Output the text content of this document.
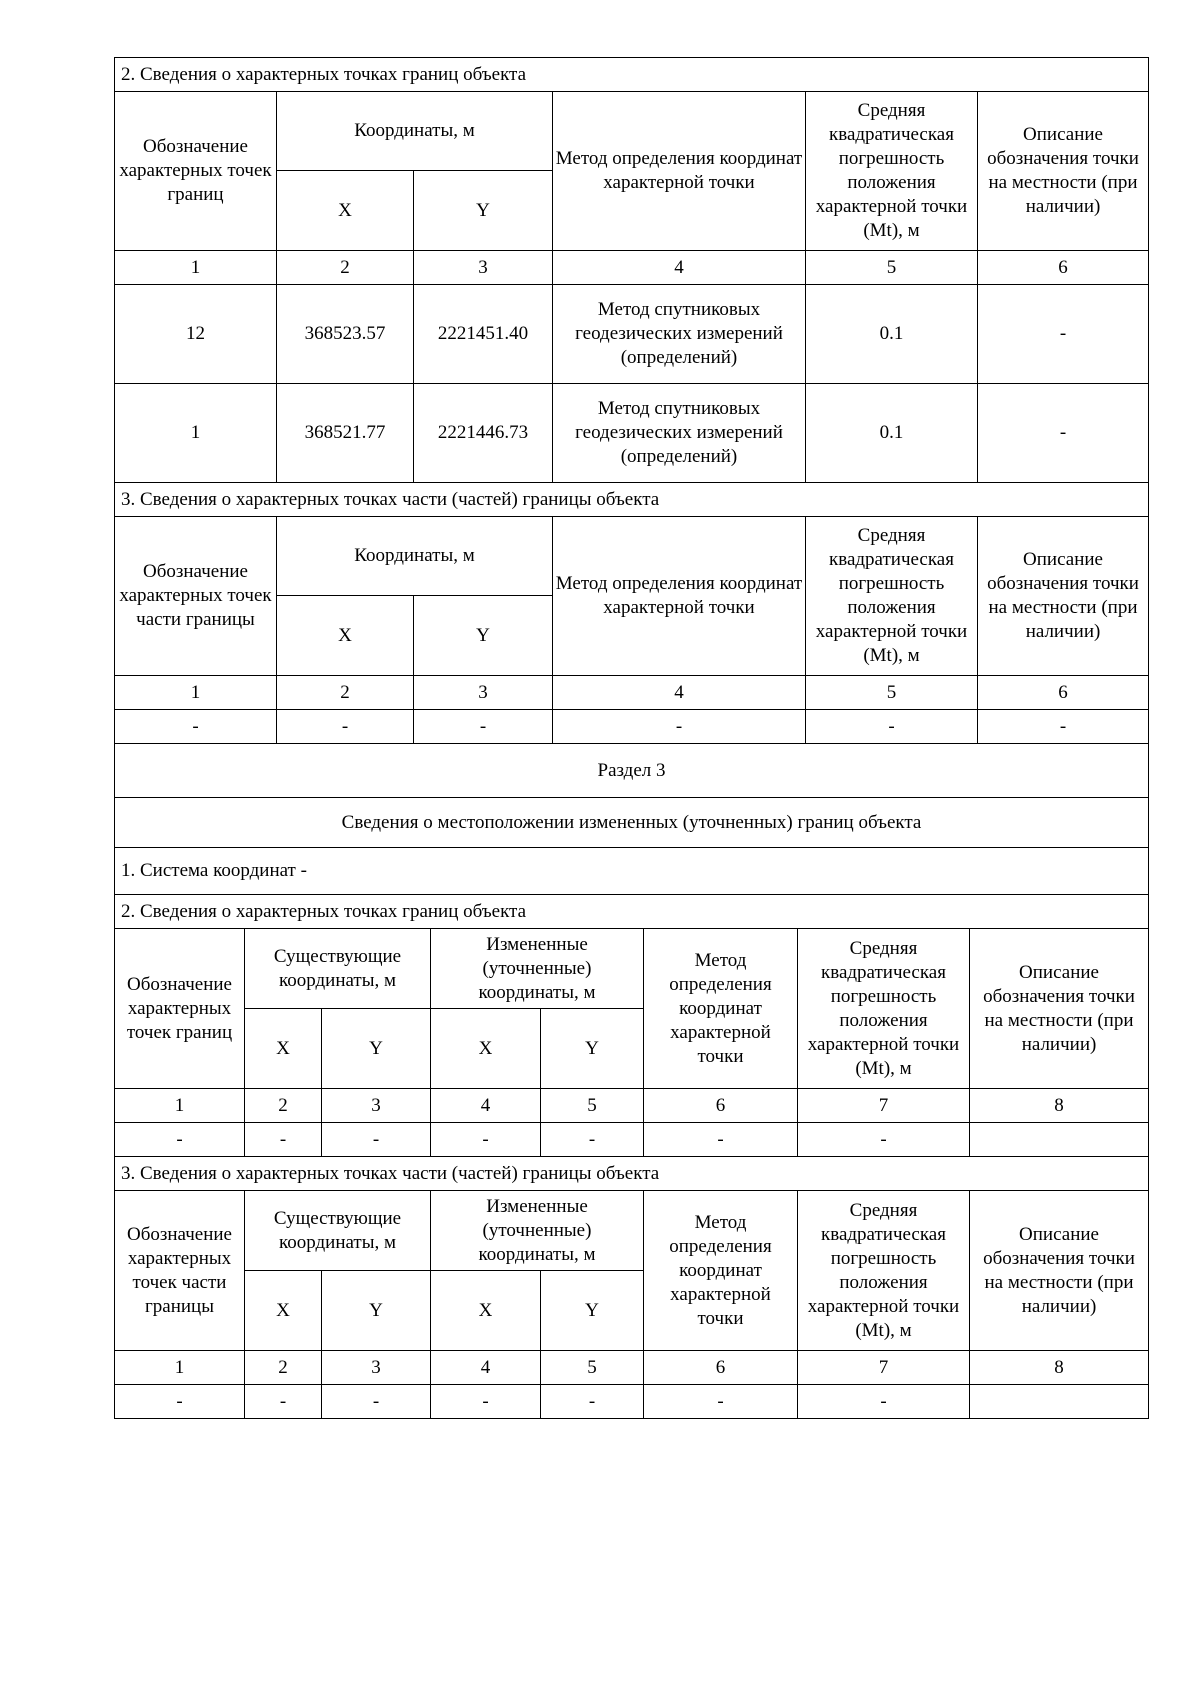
2. Сведения о характерных точках границ объекта					
Обозначение характерных точек границ	Координаты, м		Метод определения координат характерной точки	Средняя квадратическая погрешность положения характерной точки (Mt), м	Описание обозначения точки на местности (при наличии)
	X	Y			
1	2	3	4	5	6
12	368523.57	2221451.40	Метод спутниковых геодезических измерений (определений)	0.1	-
1	368521.77	2221446.73	Метод спутниковых геодезических измерений (определений)	0.1	-
3. Сведения о характерных точках части (частей) границы объекта					
Обозначение характерных точек части границы	Координаты, м		Метод определения координат характерной точки	Средняя квадратическая погрешность положения характерной точки (Mt), м	Описание обозначения точки на местности (при наличии)
	X	Y			
1	2	3	4	5	6
-	-	-	-	-	-
Раздел 3					
Сведения о местоположении измененных (уточненных) границ объекта					
1. Система координат -					
2. Сведения о характерных точках границ объекта							
Обозначение характерных точек границ	Существующие координаты, м		Измененные (уточненные) координаты, м		Метод определения координат характерной точки	Средняя квадратическая погрешность положения характерной точки (Mt), м	Описание обозначения точки на местности (при наличии)
	X	Y	X	Y			
1	2	3	4	5	6	7	8
-	-	-	-	-	-	-	
3. Сведения о характерных точках части (частей) границы объекта							
Обозначение характерных точек части границы	Существующие координаты, м		Измененные (уточненные) координаты, м		Метод определения координат характерной точки	Средняя квадратическая погрешность положения характерной точки (Mt), м	Описание обозначения точки на местности (при наличии)
	X	Y	X	Y			
1	2	3	4	5	6	7	8
-	-	-	-	-	-	-	
